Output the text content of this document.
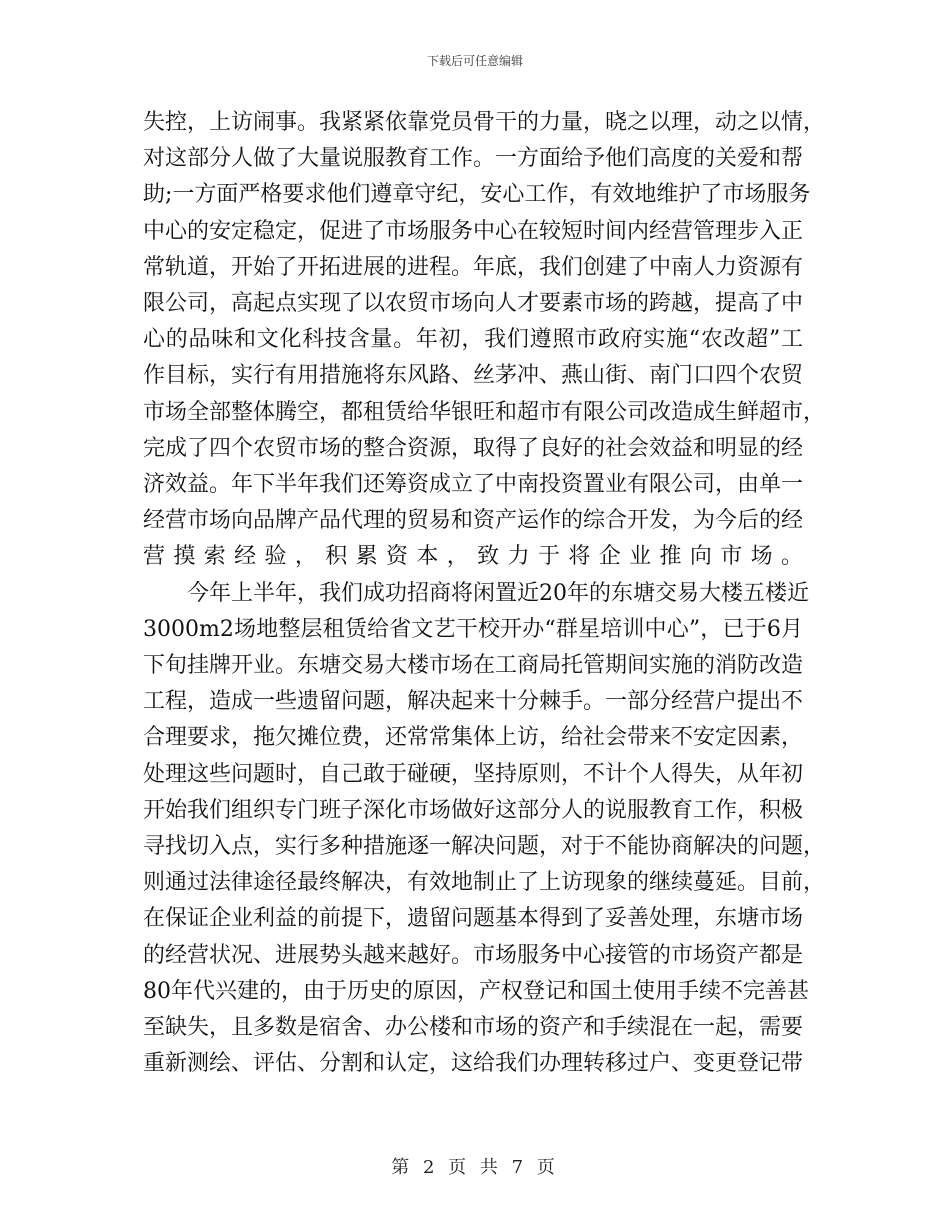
下载后可任意编辑

失控，上访闹事。我紧紧依靠党员骨干的力量，晓之以理，动之以情，
对这部分人做了大量说服教育工作。一方面给予他们高度的关爱和帮
助;一方面严格要求他们遵章守纪，安心工作，有效地维护了市场服务
中心的安定稳定，促进了市场服务中心在较短时间内经营管理步入正
常轨道，开始了开拓进展的进程。年底，我们创建了中南人力资源有
限公司，高起点实现了以农贸市场向人才要素市场的跨越，提高了中
心的品味和文化科技含量。年初，我们遵照市政府实施“农改超”工
作目标，实行有用措施将东风路、丝茅冲、燕山街、南门口四个农贸
市场全部整体腾空，都租赁给华银旺和超市有限公司改造成生鲜超市，
完成了四个农贸市场的整合资源，取得了良好的社会效益和明显的经
济效益。年下半年我们还筹资成立了中南投资置业有限公司，由单一
经营市场向品牌产品代理的贸易和资产运作的综合开发，为今后的经
营摸索经验，积累资本，致力于将企业推向市场。

　　今年上半年，我们成功招商将闲置近20年的东塘交易大楼五楼近
3000m2场地整层租赁给省文艺干校开办“群星培训中心”，已于6月
下旬挂牌开业。东塘交易大楼市场在工商局托管期间实施的消防改造
工程，造成一些遗留问题，解决起来十分棘手。一部分经营户提出不
合理要求，拖欠摊位费，还常常集体上访，给社会带来不安定因素，
处理这些问题时，自己敢于碰硬，坚持原则，不计个人得失，从年初
开始我们组织专门班子深化市场做好这部分人的说服教育工作，积极
寻找切入点，实行多种措施逐一解决问题，对于不能协商解决的问题，
则通过法律途径最终解决，有效地制止了上访现象的继续蔓延。目前，
在保证企业利益的前提下，遗留问题基本得到了妥善处理，东塘市场
的经营状况、进展势头越来越好。市场服务中心接管的市场资产都是
80年代兴建的，由于历史的原因，产权登记和国土使用手续不完善甚
至缺失，且多数是宿舍、办公楼和市场的资产和手续混在一起，需要
重新测绘、评估、分割和认定，这给我们办理转移过户、变更登记带

第 2 页 共 7 页
